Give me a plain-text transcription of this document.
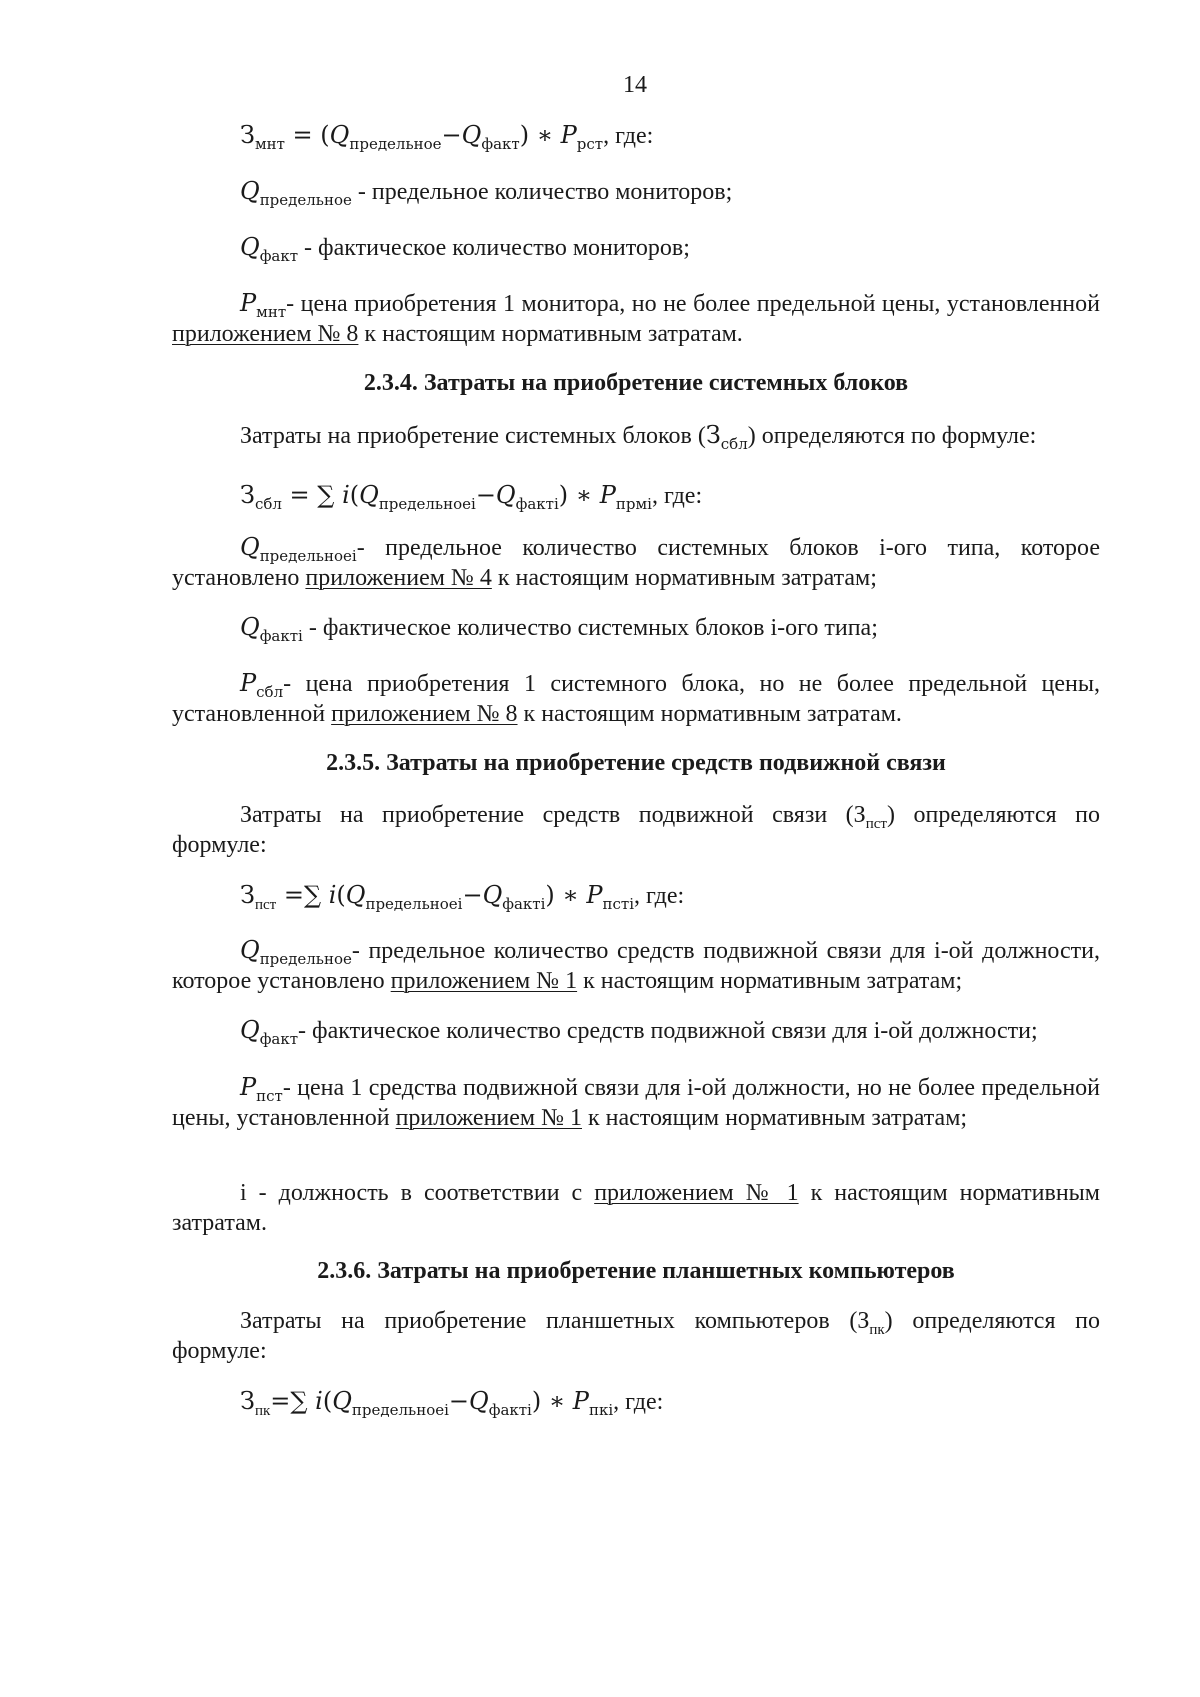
14
$З_{мнт} = (Q_{предельное}-Q_{факт})$ ∗ $P_{рст}$, где:
$Q_{предельное}$ - предельное количество мониторов;
$Q_{факт}$ - фактическое количество мониторов;
$P_{мнт}-$ цена приобретения 1 монитора, но не более предельной цены, установленной приложением № 8 к настоящим нормативным затратам.
2.3.4. Затраты на приобретение системных блоков
Затраты на приобретение системных блоков $(З_{сбл})$ определяются по формуле:
$З_{сбл}$ = ∑ $i(Q_{предельноеi}-Q_{фактi})$ ∗ $P_{прмi}$, где:
$Q_{предельноеi}-$ предельное количество системных блоков i-ого типа, которое установлено приложением № 4 к настоящим нормативным затратам;
$Q_{фактi}$ - фактическое количество системных блоков i-ого типа;
$P_{сбл}-$ цена приобретения 1 системного блока, но не более предельной цены, установленной приложением № 8 к настоящим нормативным затратам.
2.3.5. Затраты на приобретение средств подвижной связи
Затраты на приобретение средств подвижной связи $(З_{пст})$ определяются по формуле:
$З_{пст}$ =∑ $i(Q_{предельноеi}-Q_{фактi})$ ∗ $P_{пстi}$, где:
$Q_{предельное}-$ предельное количество средств подвижной связи для i-ой должности, которое установлено приложением № 1 к настоящим нормативным затратам;
$Q_{факт}-$ фактическое количество средств подвижной связи для i-ой должности;
$P_{пст}-$ цена 1 средства подвижной связи для i-ой должности, но не более предельной цены, установленной приложением № 1 к настоящим нормативным затратам;
i - должность в соответствии с приложением № 1 к настоящим нормативным затратам.
2.3.6. Затраты на приобретение планшетных компьютеров
Затраты на приобретение планшетных компьютеров $(З_{пк})$ определяются по формуле:
$З_{пк}=\sum$ $i(Q_{предельноеi}-Q_{фактi})$ ∗ $P_{пкi}$, где:
